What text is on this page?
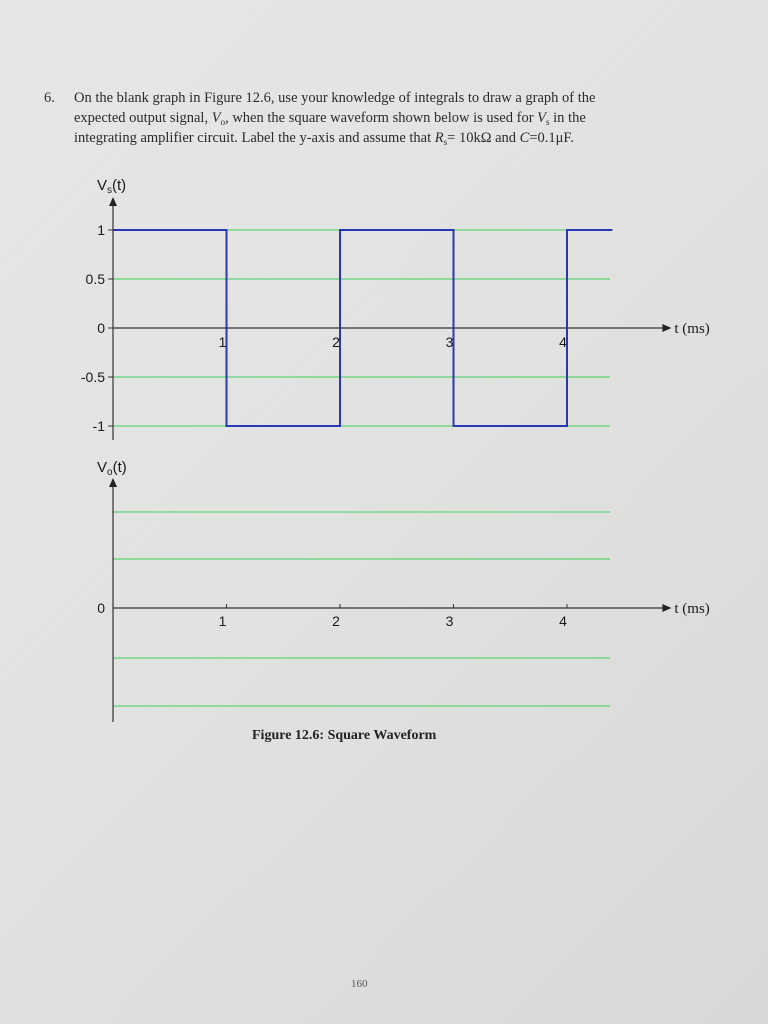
6. On the blank graph in Figure 12.6, use your knowledge of integrals to draw a graph of the
expected output signal, $V_o$, when the square waveform shown below is used for $V_s$ in the
integrating amplifier circuit. Label the y-axis and assume that $R_s= 10k\Omega$ and C=0.1μF.
1
0.5
0
-0.5
-1
t (ms)
1	2	3	4
$V_s(t)$
0	t (ms)
1	2	3	4
$V_o(t)$
Figure 12.6: Square Waveform
160
